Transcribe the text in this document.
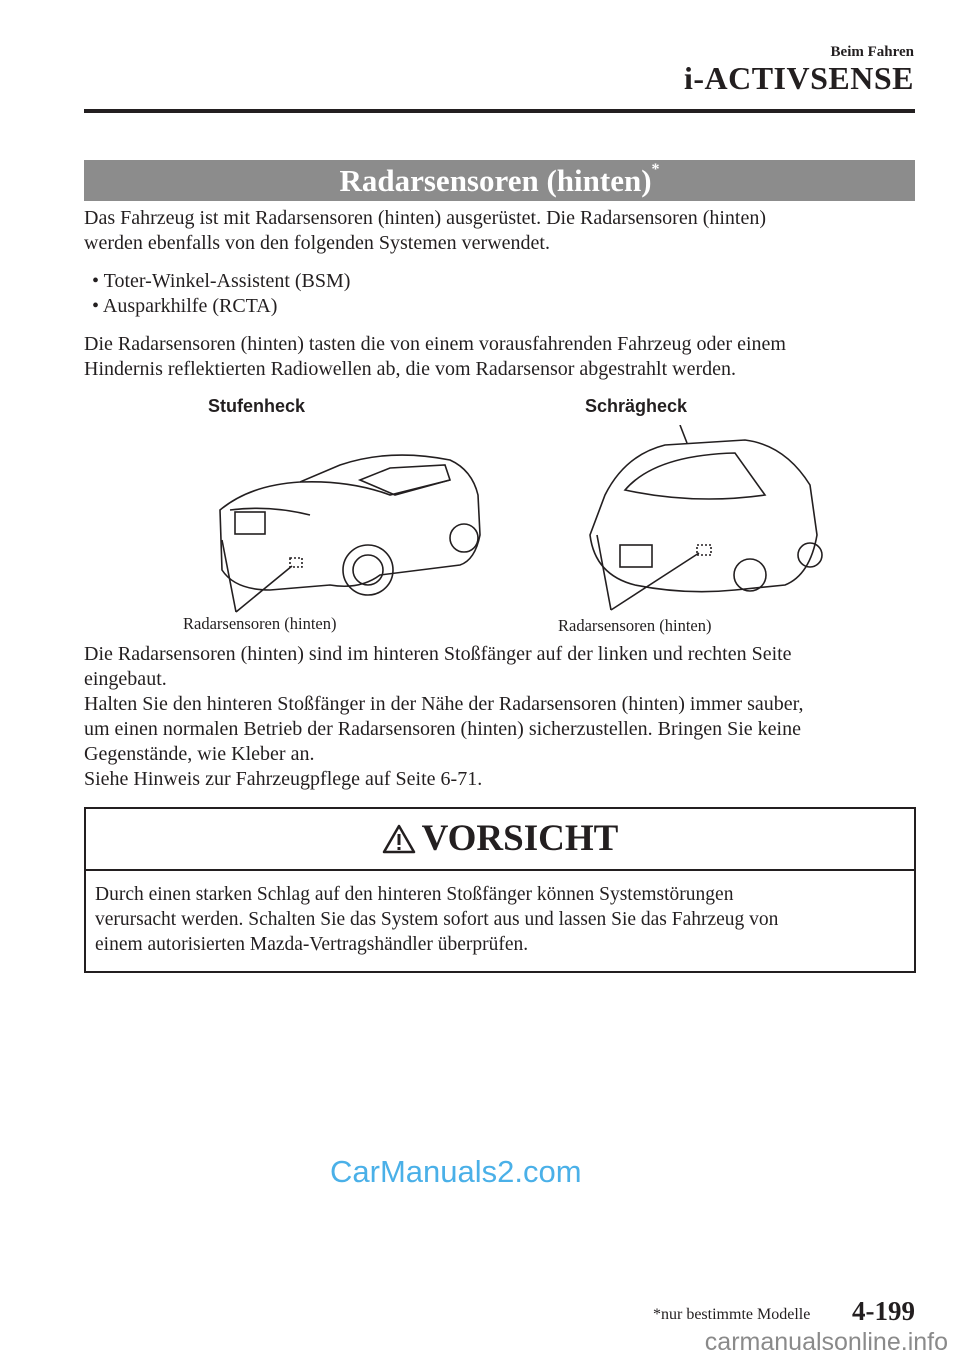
Beim Fahren
i-ACTIVSENSE
Radarsensoren (hinten)*
Das Fahrzeug ist mit Radarsensoren (hinten) ausgerüstet. Die Radarsensoren (hinten)
werden ebenfalls von den folgenden Systemen verwendet.
• Toter-Winkel-Assistent (BSM)
• Ausparkhilfe (RCTA)
Die Radarsensoren (hinten) tasten die von einem vorausfahrenden Fahrzeug oder einem
Hindernis reflektierten Radiowellen ab, die vom Radarsensor abgestrahlt werden.
Stufenheck	Schrägheck
Radarsensoren (hinten)	Radarsensoren (hinten)
Die Radarsensoren (hinten) sind im hinteren Stoßfänger auf der linken und rechten Seite
eingebaut.
Halten Sie den hinteren Stoßfänger in der Nähe der Radarsensoren (hinten) immer sauber,
um einen normalen Betrieb der Radarsensoren (hinten) sicherzustellen. Bringen Sie keine
Gegenstände, wie Kleber an.
Siehe Hinweis zur Fahrzeugpflege auf Seite 6-71.
VORSICHT
Durch einen starken Schlag auf den hinteren Stoßfänger können Systemstörungen
verursacht werden. Schalten Sie das System sofort aus und lassen Sie das Fahrzeug von
einem autorisierten Mazda-Vertragshändler überprüfen.
CarManuals2.com
*nur bestimmte Modelle 4-199
carmanualsonline.info
